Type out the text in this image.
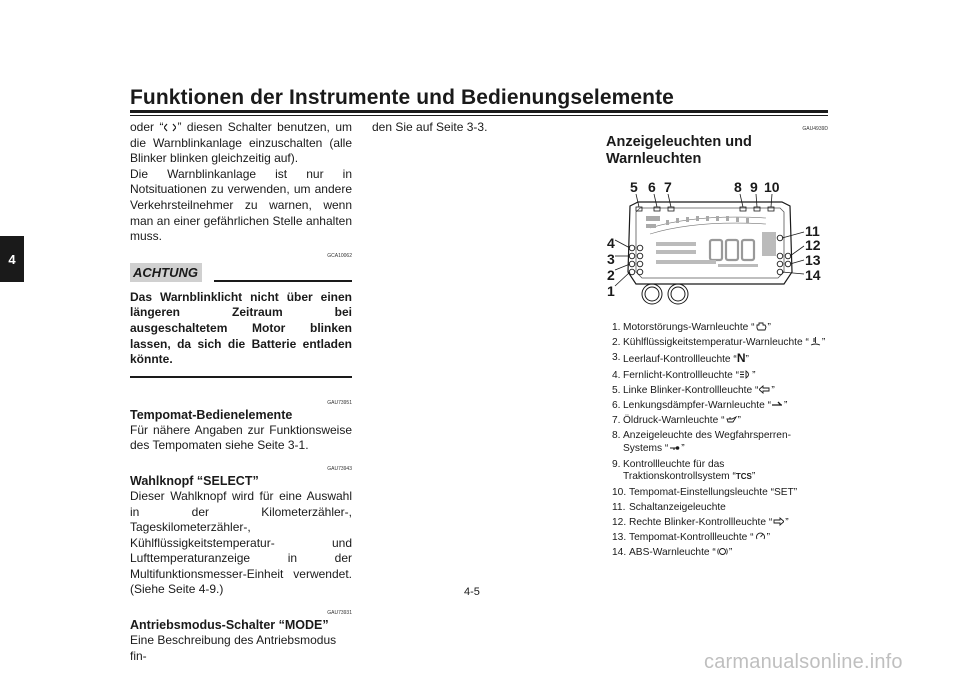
Funktionen der Instrumente und Bedienungselemente
4

oder “ ” diesen Schalter benutzen, um die Warnblinkanlage einzuschalten (alle Blinker blinken gleichzeitig auf).

Die Warnblinkanlage ist nur in Notsituationen zu verwenden, um andere Verkehrsteilnehmer zu warnen, wenn man an einer gefährlichen Stelle anhalten muss.

GCA10062
ACHTUNG

Das Warnblinklicht nicht über einen längeren Zeitraum bei ausgeschaltetem Motor blinken lassen, da sich die Batterie entladen könnte.

GAU73951
Tempomat-Bedienelemente

Für nähere Angaben zur Funktionsweise des Tempomaten siehe Seite 3-1.

GAU73943
Wahlknopf “SELECT”

Dieser Wahlknopf wird für eine Auswahl in der Kilometerzähler-, Tageskilometerzähler-, Kühlflüssigkeitstemperatur- und Lufttemperaturanzeige in der Multifunktionsmesser-Einheit verwendet. (Siehe Seite 4-9.)

GAU73931
Antriebsmodus-Schalter “MODE”

Eine Beschreibung des Antriebsmodus fin-

den Sie auf Seite 3-3.	GAU4939D
Anzeigeleuchten und Warnleuchten
1
2
3
4
5 6 7	8 9 10
11
12
13
14
1. Motorstörungs-Warnleuchte “ ”
2. Kühlflüssigkeitstemperatur-Warnleuchte “ ”
3. Leerlauf-Kontrollleuchte “N”
4. Fernlicht-Kontrollleuchte “ ”
5. Linke Blinker-Kontrollleuchte “ ”
6. Lenkungsdämpfer-Warnleuchte “ ”
7. Öldruck-Warnleuchte “ ”
8. Anzeigeleuchte des Wegfahrsperren-Systems “ ”
9. Kontrollleuchte für das Traktionskontrollsystem “TCS”
10. Tempomat-Einstellungsleuchte “SET”
11. Schaltanzeigeleuchte
12. Rechte Blinker-Kontrollleuchte “ ”
13. Tempomat-Kontrollleuchte “ ”
14. ABS-Warnleuchte “ ”
4-5
carmanualsonline.info
